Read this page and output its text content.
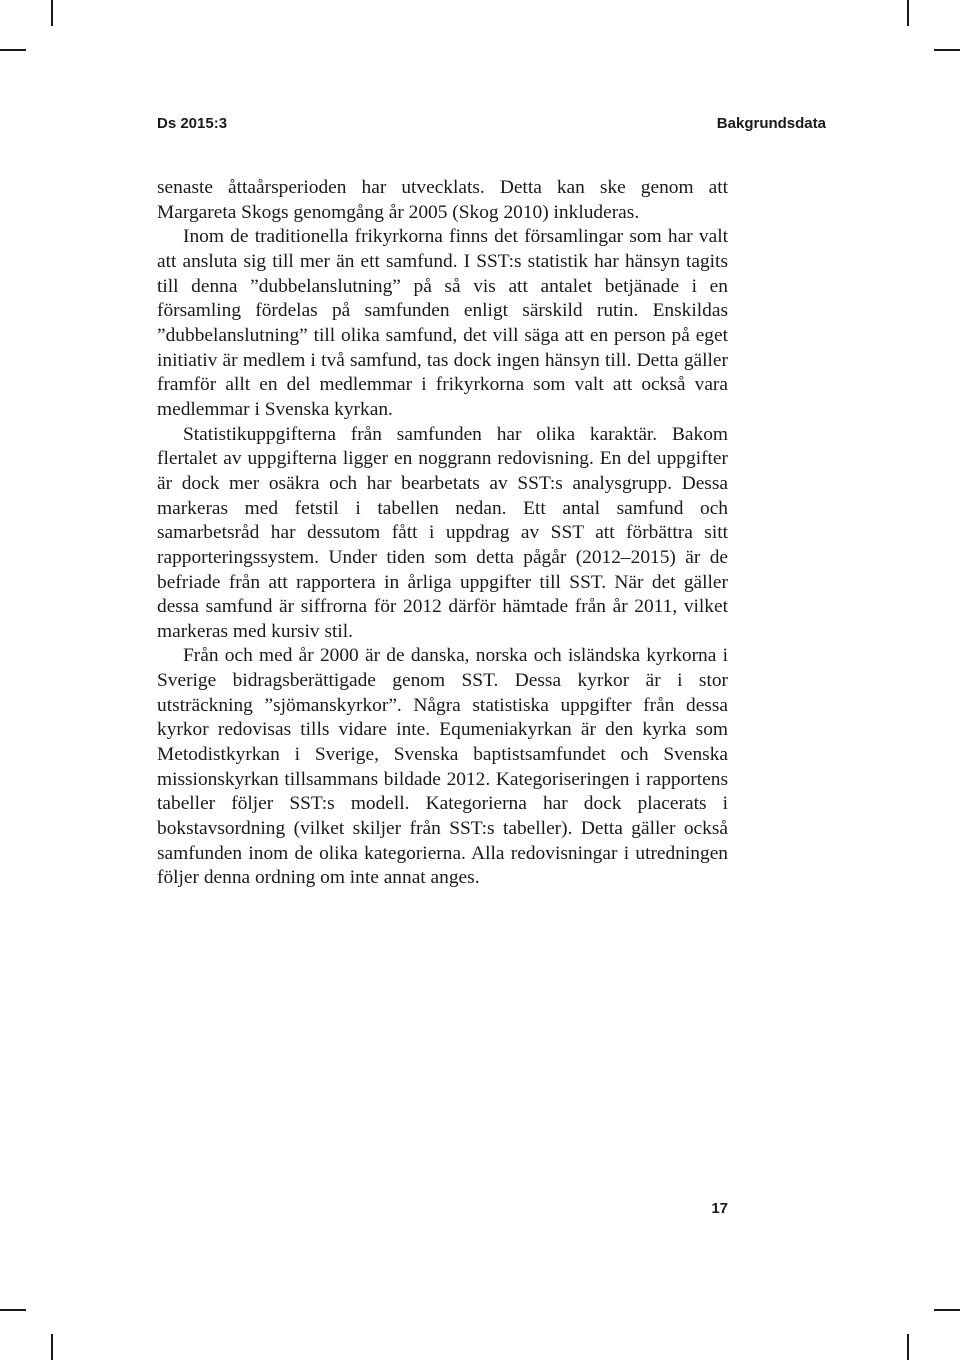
Ds 2015:3	Bakgrundsdata

senaste åttaårsperioden har utvecklats. Detta kan ske genom att Margareta Skogs genomgång år 2005 (Skog 2010) inkluderas.

Inom de traditionella frikyrkorna finns det församlingar som har valt att ansluta sig till mer än ett samfund. I SST:s statistik har hänsyn tagits till denna ”dubbelanslutning” på så vis att antalet betjänade i en församling fördelas på samfunden enligt särskild rutin. Enskildas ”dubbelanslutning” till olika samfund, det vill säga att en person på eget initiativ är medlem i två samfund, tas dock ingen hänsyn till. Detta gäller framför allt en del medlemmar i frikyrkorna som valt att också vara medlemmar i Svenska kyrkan.

Statistikuppgifterna från samfunden har olika karaktär. Bakom flertalet av uppgifterna ligger en noggrann redovisning. En del uppgifter är dock mer osäkra och har bearbetats av SST:s analysgrupp. Dessa markeras med fetstil i tabellen nedan. Ett antal samfund och samarbetsråd har dessutom fått i uppdrag av SST att förbättra sitt rapporteringssystem. Under tiden som detta pågår (2012–2015) är de befriade från att rapportera in årliga uppgifter till SST. När det gäller dessa samfund är siffrorna för 2012 därför hämtade från år 2011, vilket markeras med kursiv stil.

Från och med år 2000 är de danska, norska och isländska kyrkorna i Sverige bidragsberättigade genom SST. Dessa kyrkor är i stor utsträckning ”sjömanskyrkor”. Några statistiska uppgifter från dessa kyrkor redovisas tills vidare inte. Equmeniakyrkan är den kyrka som Metodistkyrkan i Sverige, Svenska baptistsamfundet och Svenska missionskyrkan tillsammans bildade 2012. Kategoriseringen i rapportens tabeller följer SST:s modell. Kategorierna har dock placerats i bokstavsordning (vilket skiljer från SST:s tabeller). Detta gäller också samfunden inom de olika kategorierna. Alla redovisningar i utredningen följer denna ordning om inte annat anges.

17
